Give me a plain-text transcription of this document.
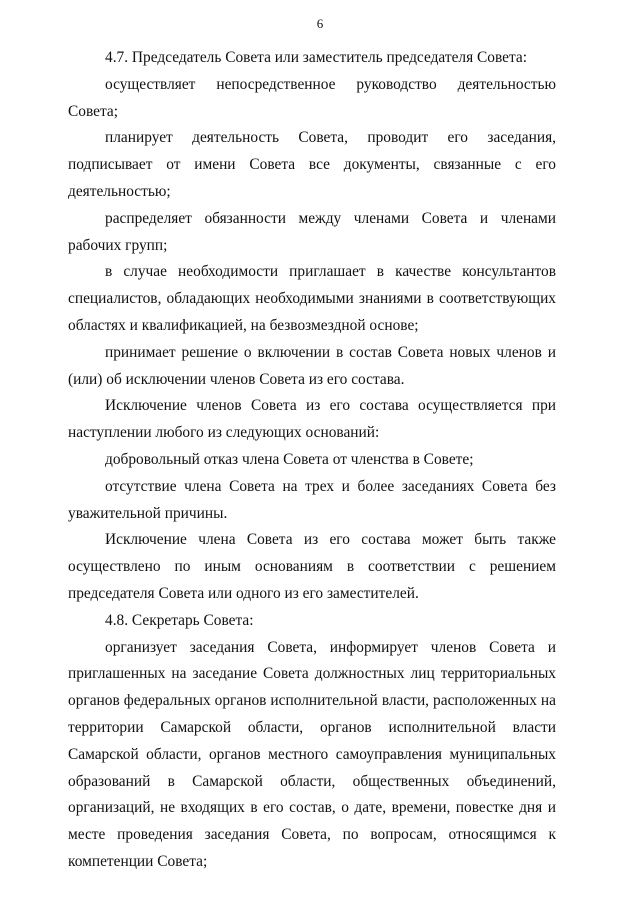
6

4.7. Председатель Совета или заместитель председателя Совета:

осуществляет непосредственное руководство деятельностью Совета;

планирует деятельность Совета, проводит его заседания, подписывает от имени Совета все документы, связанные с его деятельностью;

распределяет обязанности между членами Совета и членами рабочих групп;

в случае необходимости приглашает в качестве консультантов специалистов, обладающих необходимыми знаниями в соответствующих областях и квалификацией, на безвозмездной основе;

принимает решение о включении в состав Совета новых членов и (или) об исключении членов Совета из его состава.

Исключение членов Совета из его состава осуществляется при наступлении любого из следующих оснований:

добровольный отказ члена Совета от членства в Совете;

отсутствие члена Совета на трех и более заседаниях Совета без уважительной причины.

Исключение члена Совета из его состава может быть также осуществлено по иным основаниям в соответствии с решением председателя Совета или одного из его заместителей.

4.8. Секретарь Совета:

организует заседания Совета, информирует членов Совета и приглашенных на заседание Совета должностных лиц территориальных органов федеральных органов исполнительной власти, расположенных на территории Самарской области, органов исполнительной власти Самарской области, органов местного самоуправления муниципальных образований в Самарской области, общественных объединений, организаций, не входящих в его состав, о дате, времени, повестке дня и месте проведения заседания Совета, по вопросам, относящимся к компетенции Совета;
